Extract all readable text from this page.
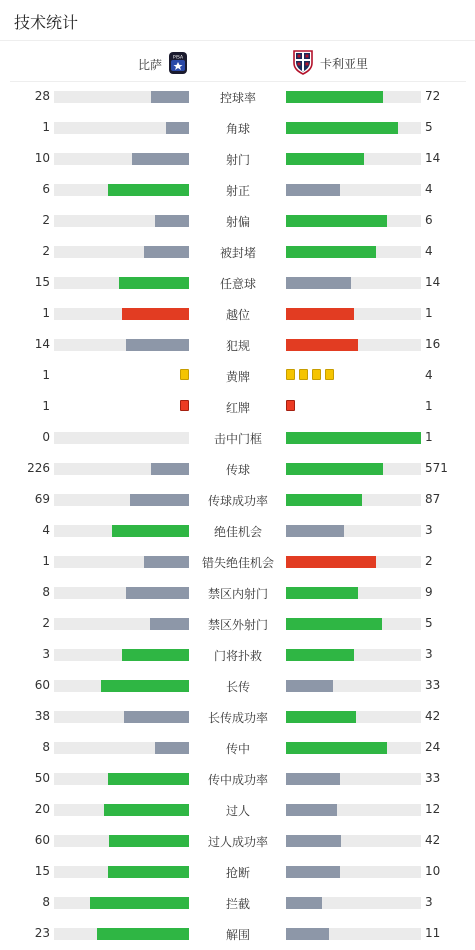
技术统计
比萨 PISA	卡利亚里
28	控球率	72
1	角球	5
10	射门	14
6	射正	4
2	射偏	6
2	被封堵	4
15	任意球	14
1	越位	1
14	犯规	16
1	黄牌	4
1	红牌	1
0	击中门框	1
226	传球	571
69	传球成功率	87
4	绝佳机会	3
1	错失绝佳机会	2
8	禁区内射门	9
2	禁区外射门	5
3	门将扑救	3
60	长传	33
38	长传成功率	42
8	传中	24
50	传中成功率	33
20	过人	12
60	过人成功率	42
15	抢断	10
8	拦截	3
23	解围	11
